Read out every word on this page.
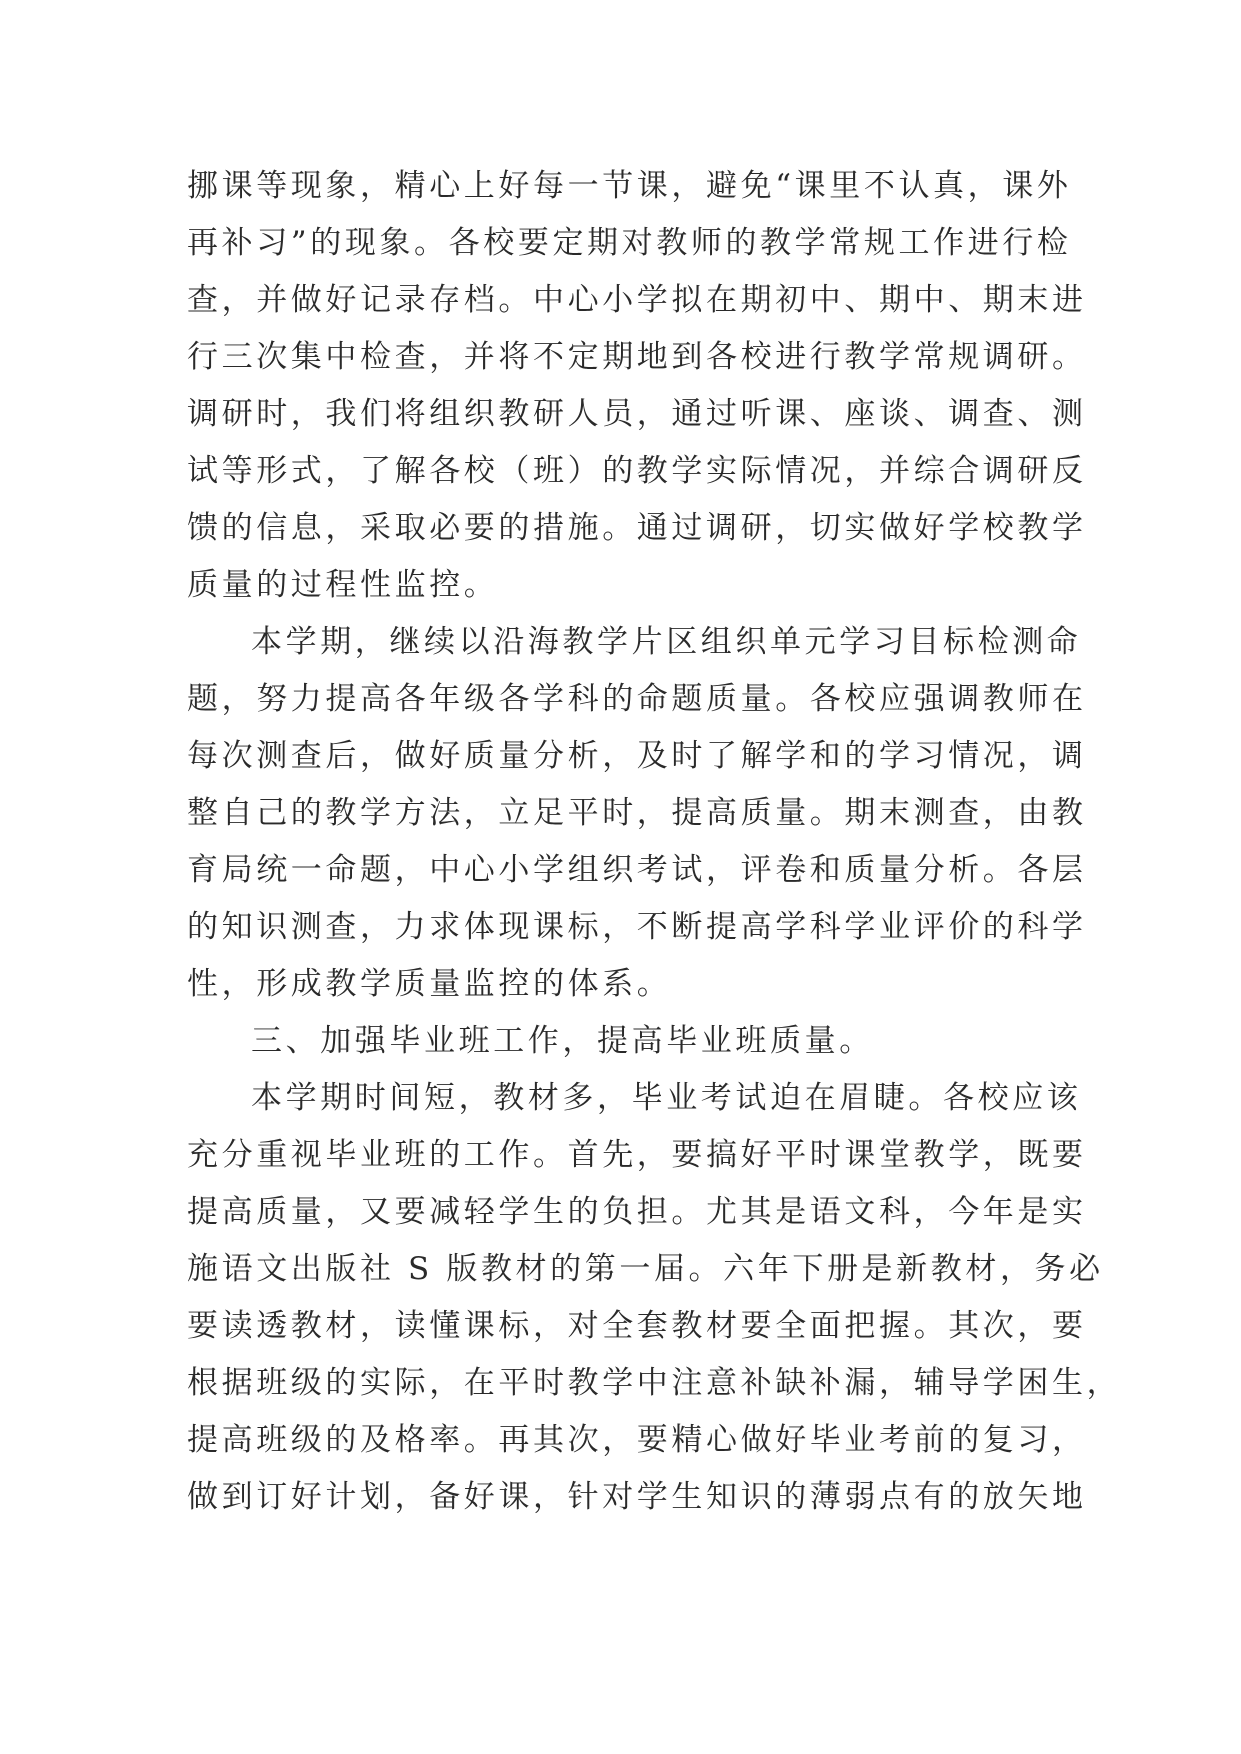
挪课等现象，精心上好每一节课，避免“课里不认真，课外
再补习”的现象。各校要定期对教师的教学常规工作进行检
查，并做好记录存档。中心小学拟在期初中、期中、期末进
行三次集中检查，并将不定期地到各校进行教学常规调研。
调研时，我们将组织教研人员，通过听课、座谈、调查、测
试等形式，了解各校（班）的教学实际情况，并综合调研反
馈的信息，采取必要的措施。通过调研，切实做好学校教学
质量的过程性监控。
本学期，继续以沿海教学片区组织单元学习目标检测命
题，努力提高各年级各学科的命题质量。各校应强调教师在
每次测查后，做好质量分析，及时了解学和的学习情况，调
整自己的教学方法，立足平时，提高质量。期末测查，由教
育局统一命题，中心小学组织考试，评卷和质量分析。各层
的知识测查，力求体现课标，不断提高学科学业评价的科学
性，形成教学质量监控的体系。
三、加强毕业班工作，提高毕业班质量。
本学期时间短，教材多，毕业考试迫在眉睫。各校应该
充分重视毕业班的工作。首先，要搞好平时课堂教学，既要
提高质量，又要减轻学生的负担。尤其是语文科，今年是实
施语文出版社 S 版教材的第一届。六年下册是新教材，务必
要读透教材，读懂课标，对全套教材要全面把握。其次，要
根据班级的实际，在平时教学中注意补缺补漏，辅导学困生，
提高班级的及格率。再其次，要精心做好毕业考前的复习，
做到订好计划，备好课，针对学生知识的薄弱点有的放矢地
